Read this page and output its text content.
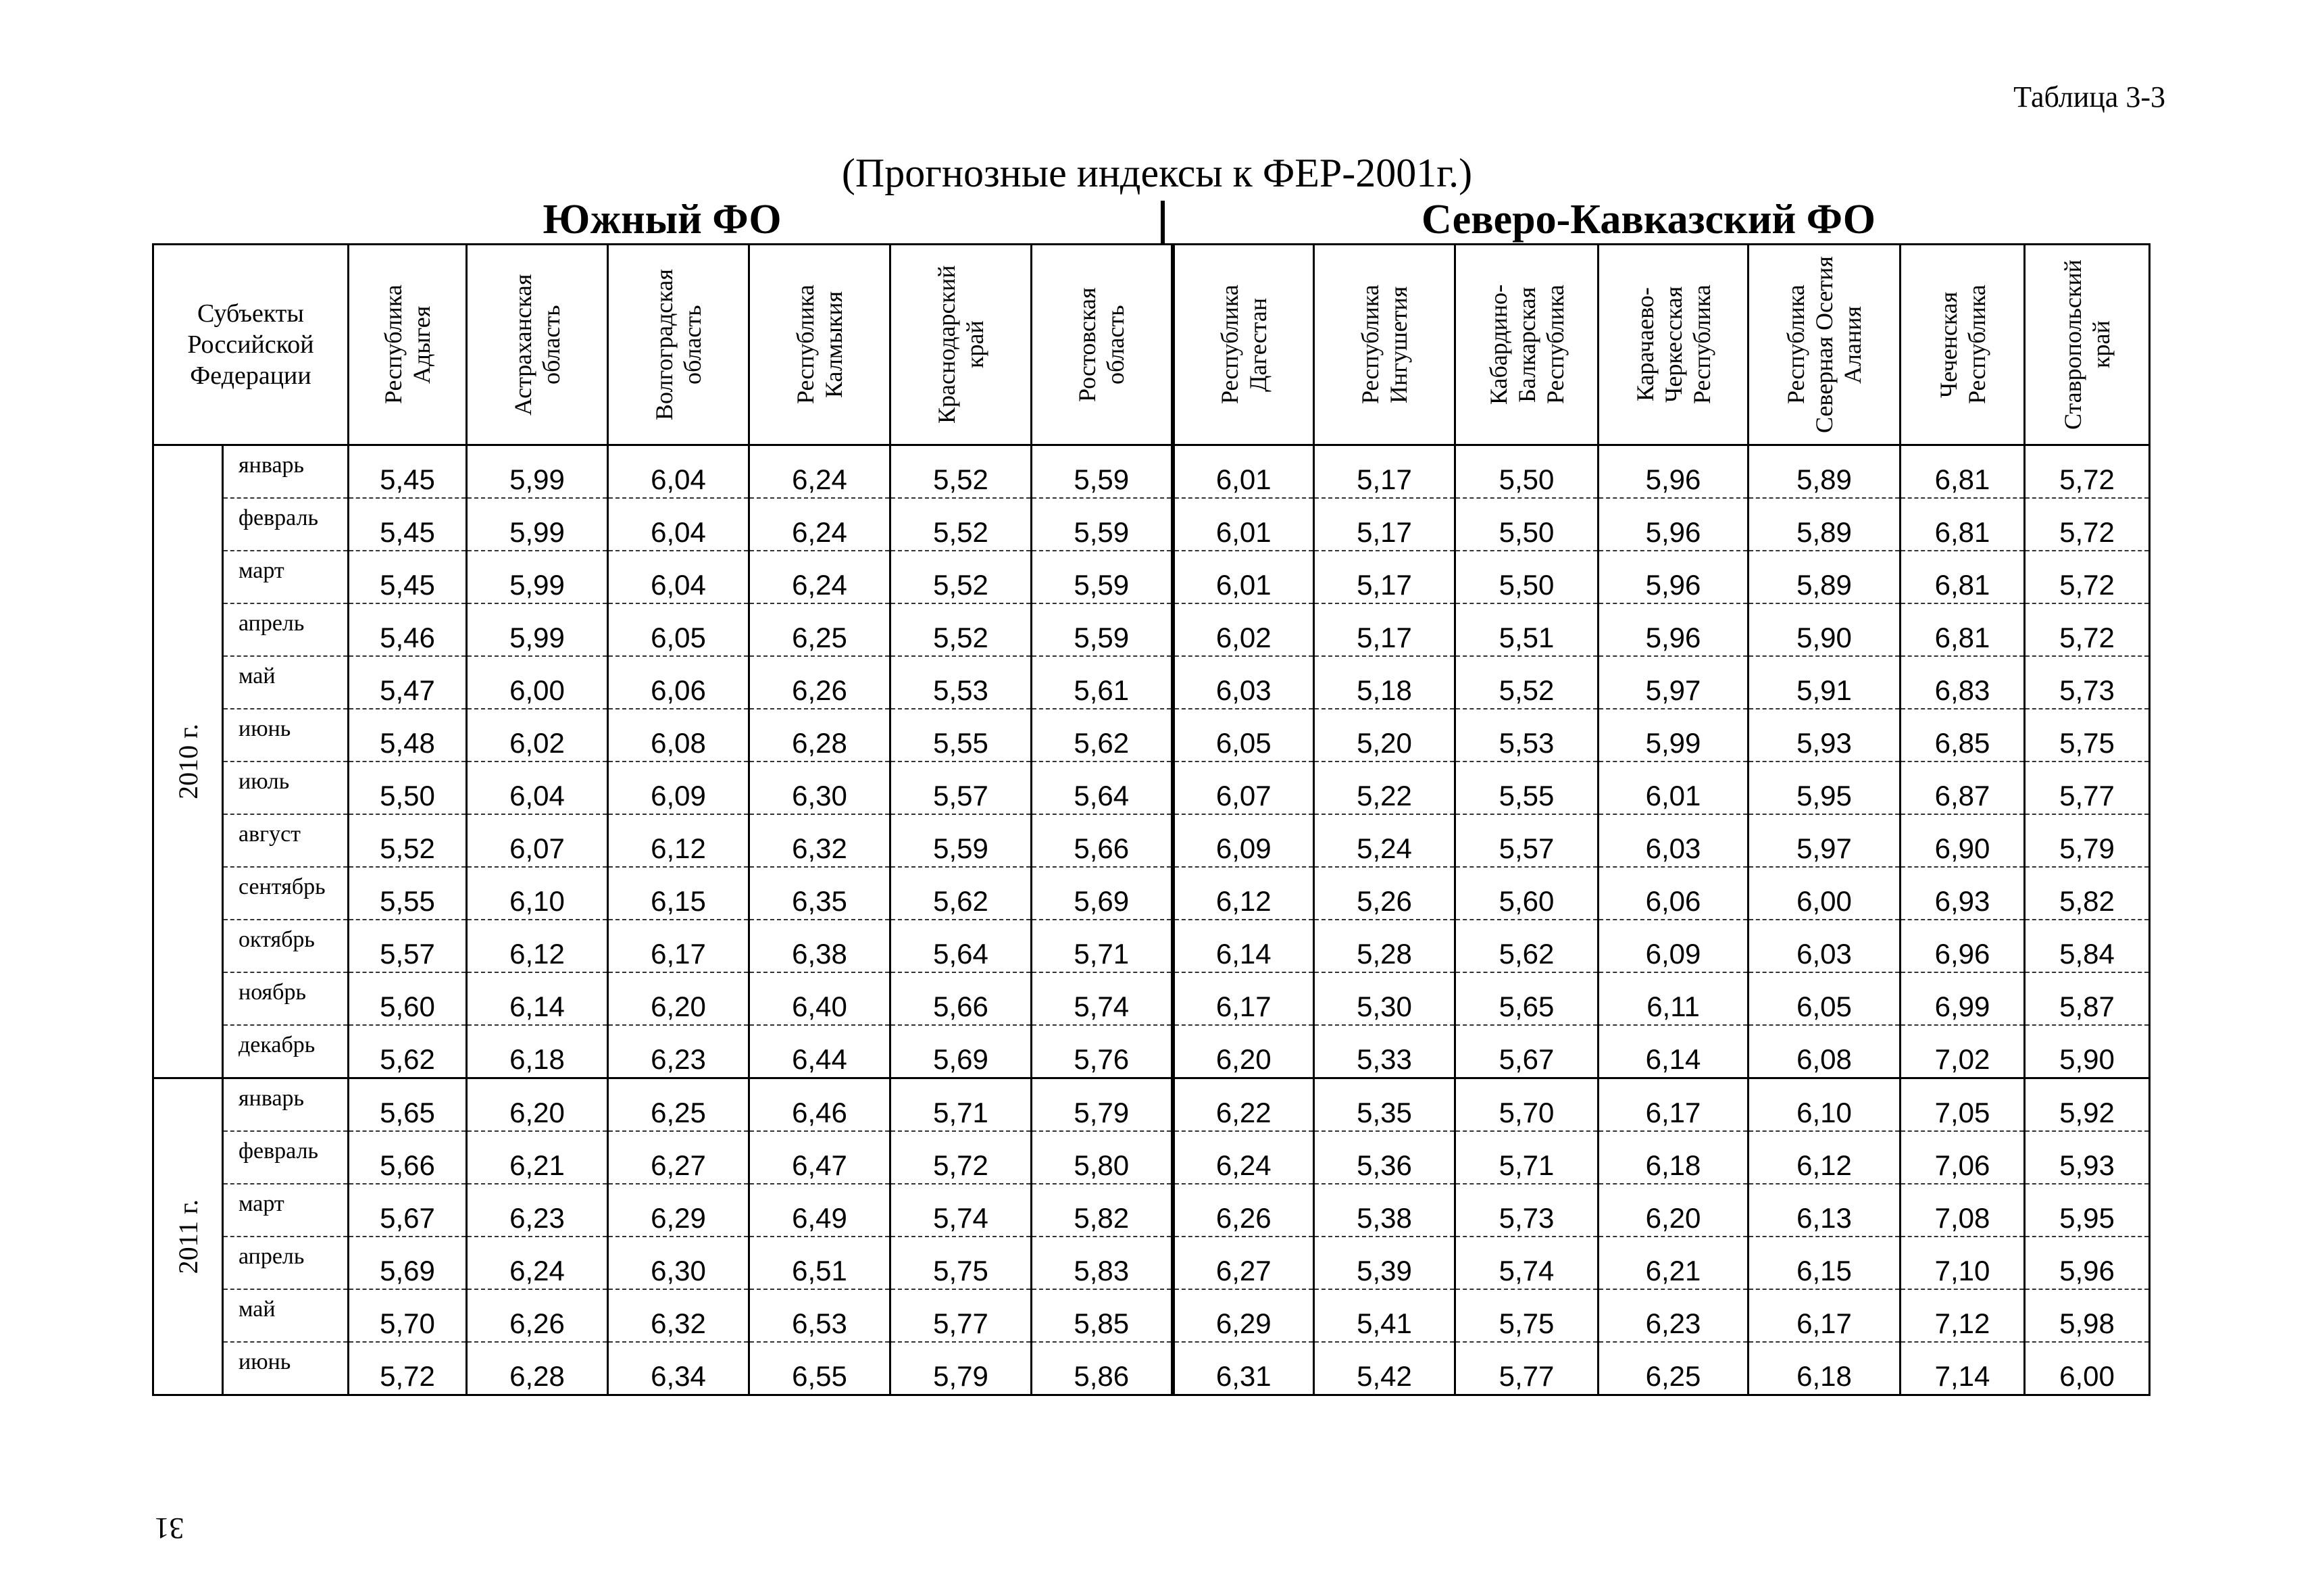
Таблица 3-3
(Прогнозные индексы к ФЕР-2001г.)
Южный ФО	Северо-Кавказский ФО
Субъекты Российской Федерации		Республика Адыгея	Астраханская область	Волгоградская область	Республика Калмыкия	Краснодарский край	Ростовская область	Республика Дагестан	Республика Ингушетия	Кабардино-Балкарская Республика	Карачаево-Черкесская Республика	Республика Северная Осетия Алания	Чеченская Республика	Ставропольский край

2010 г.	январь	5,45	5,99	6,04	6,24	5,52	5,59	6,01	5,17	5,50	5,96	5,89	6,81	5,72
	февраль	5,45	5,99	6,04	6,24	5,52	5,59	6,01	5,17	5,50	5,96	5,89	6,81	5,72
	март	5,45	5,99	6,04	6,24	5,52	5,59	6,01	5,17	5,50	5,96	5,89	6,81	5,72
	апрель	5,46	5,99	6,05	6,25	5,52	5,59	6,02	5,17	5,51	5,96	5,90	6,81	5,72
	май	5,47	6,00	6,06	6,26	5,53	5,61	6,03	5,18	5,52	5,97	5,91	6,83	5,73
	июнь	5,48	6,02	6,08	6,28	5,55	5,62	6,05	5,20	5,53	5,99	5,93	6,85	5,75
	июль	5,50	6,04	6,09	6,30	5,57	5,64	6,07	5,22	5,55	6,01	5,95	6,87	5,77
	август	5,52	6,07	6,12	6,32	5,59	5,66	6,09	5,24	5,57	6,03	5,97	6,90	5,79
	сентябрь	5,55	6,10	6,15	6,35	5,62	5,69	6,12	5,26	5,60	6,06	6,00	6,93	5,82
	октябрь	5,57	6,12	6,17	6,38	5,64	5,71	6,14	5,28	5,62	6,09	6,03	6,96	5,84
	ноябрь	5,60	6,14	6,20	6,40	5,66	5,74	6,17	5,30	5,65	6,11	6,05	6,99	5,87
	декабрь	5,62	6,18	6,23	6,44	5,69	5,76	6,20	5,33	5,67	6,14	6,08	7,02	5,90

2011 г.	январь	5,65	6,20	6,25	6,46	5,71	5,79	6,22	5,35	5,70	6,17	6,10	7,05	5,92
	февраль	5,66	6,21	6,27	6,47	5,72	5,80	6,24	5,36	5,71	6,18	6,12	7,06	5,93
	март	5,67	6,23	6,29	6,49	5,74	5,82	6,26	5,38	5,73	6,20	6,13	7,08	5,95
	апрель	5,69	6,24	6,30	6,51	5,75	5,83	6,27	5,39	5,74	6,21	6,15	7,10	5,96
	май	5,70	6,26	6,32	6,53	5,77	5,85	6,29	5,41	5,75	6,23	6,17	7,12	5,98
	июнь	5,72	6,28	6,34	6,55	5,79	5,86	6,31	5,42	5,77	6,25	6,18	7,14	6,00
31
